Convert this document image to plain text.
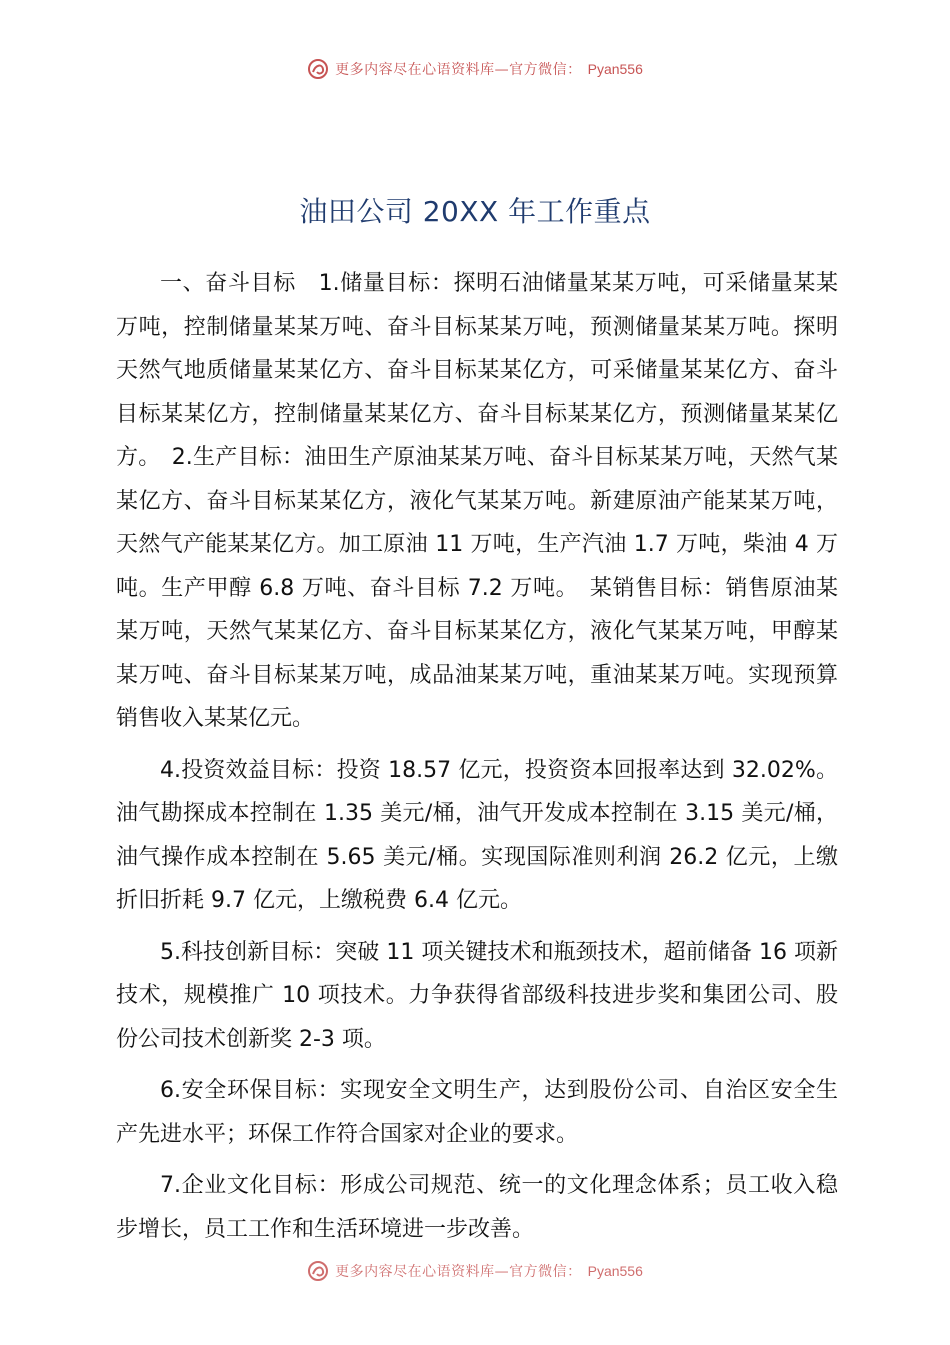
更多内容尽在心语资料库—官方微信： Pyan556
油田公司 20XX 年工作重点

一、奋斗目标　1.储量目标：探明石油储量某某万吨，可采储量某某万吨，控制储量某某万吨、奋斗目标某某万吨，预测储量某某万吨。探明天然气地质储量某某亿方、奋斗目标某某亿方，可采储量某某亿方、奋斗目标某某亿方，控制储量某某亿方、奋斗目标某某亿方，预测储量某某亿方。　2.生产目标：油田生产原油某某万吨、奋斗目标某某万吨，天然气某某亿方、奋斗目标某某亿方，液化气某某万吨。新建原油产能某某万吨，天然气产能某某亿方。加工原油 11 万吨，生产汽油 1.7 万吨，柴油 4 万吨。生产甲醇 6.8 万吨、奋斗目标 7.2 万吨。　某销售目标：销售原油某某万吨，天然气某某亿方、奋斗目标某某亿方，液化气某某万吨，甲醇某某万吨、奋斗目标某某万吨，成品油某某万吨，重油某某万吨。实现预算销售收入某某亿元。

4.投资效益目标：投资 18.57 亿元，投资资本回报率达到 32.02%。油气勘探成本控制在 1.35 美元/桶，油气开发成本控制在 3.15 美元/桶，油气操作成本控制在 5.65 美元/桶。实现国际准则利润 26.2 亿元，上缴折旧折耗 9.7 亿元，上缴税费 6.4 亿元。

5.科技创新目标：突破 11 项关键技术和瓶颈技术，超前储备 16 项新技术，规模推广 10 项技术。力争获得省部级科技进步奖和集团公司、股份公司技术创新奖 2-3 项。

6.安全环保目标：实现安全文明生产，达到股份公司、自治区安全生产先进水平；环保工作符合国家对企业的要求。

7.企业文化目标：形成公司规范、统一的文化理念体系；员工收入稳步增长，员工工作和生活环境进一步改善。

更多内容尽在心语资料库—官方微信： Pyan556
